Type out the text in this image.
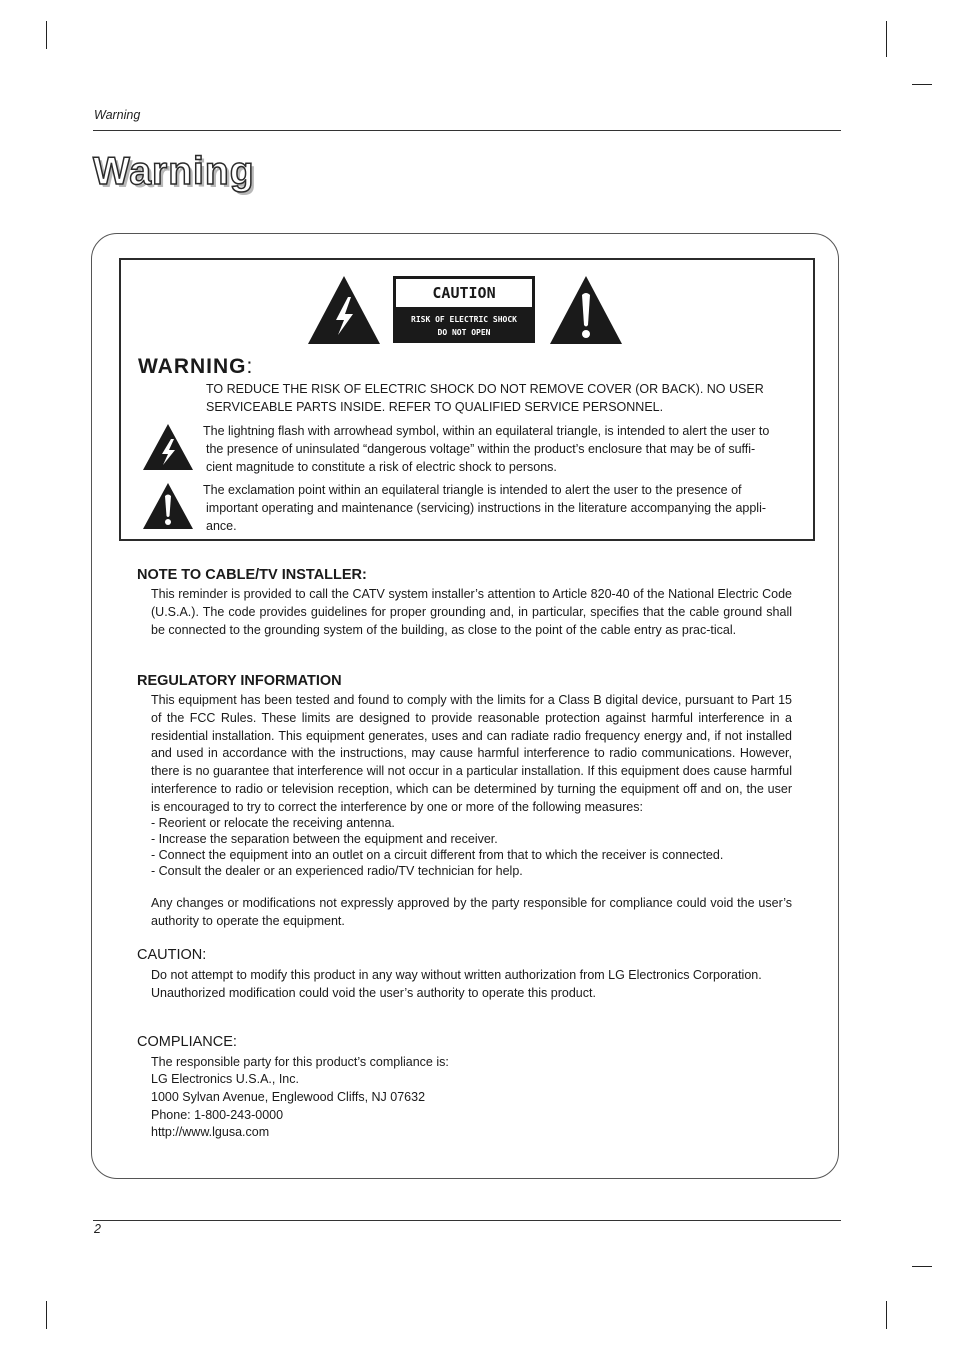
Warning
Warning
CAUTION
RISK OF ELECTRIC SHOCK
DO NOT OPEN
WARNING:
TO REDUCE THE RISK OF ELECTRIC SHOCK DO NOT REMOVE COVER (OR BACK). NO USER
SERVICEABLE PARTS INSIDE. REFER TO QUALIFIED SERVICE PERSONNEL.
The lightning flash with arrowhead symbol, within an equilateral triangle, is intended to alert the user to
the presence of uninsulated “dangerous voltage” within the product’s enclosure that may be of suffi-
cient magnitude to constitute a risk of electric shock to persons.
The exclamation point within an equilateral triangle is intended to alert the user to the presence of
important operating and maintenance (servicing) instructions in the literature accompanying the appli-
ance.
NOTE TO CABLE/TV INSTALLER:

This reminder is provided to call the CATV system installer’s attention to Article 820-40 of the National Electric Code (U.S.A.). The code provides guidelines for proper grounding and, in particular, specifies that the cable ground shall be connected to the grounding system of the building, as close to the point of the cable entry as prac-tical.

REGULATORY INFORMATION

This equipment has been tested and found to comply with the limits for a Class B digital device, pursuant to Part 15 of the FCC Rules. These limits are designed to provide reasonable protection against harmful interference in a residential installation. This equipment generates, uses and can radiate radio frequency energy and, if not installed and used in accordance with the instructions, may cause harmful interference to radio communications. However, there is no guarantee that interference will not occur in a particular installation. If this equipment does cause harmful interference to radio or television reception, which can be determined by turning the equipment off and on, the user is encouraged to try to correct the interference by one or more of the following measures:

- Reorient or relocate the receiving antenna.
- Increase the separation between the equipment and receiver.
- Connect the equipment into an outlet on a circuit different from that to which the receiver is connected.
- Consult the dealer or an experienced radio/TV technician for help.

Any changes or modifications not expressly approved by the party responsible for compliance could void the user’s authority to operate the equipment.

CAUTION:
Do not attempt to modify this product in any way without written authorization from LG Electronics Corporation.
Unauthorized modification could void the user’s authority to operate this product.
COMPLIANCE:
The responsible party for this product’s compliance is:
LG Electronics U.S.A., Inc.
1000 Sylvan Avenue, Englewood Cliffs, NJ 07632
Phone: 1-800-243-0000
http://www.lgusa.com
2
